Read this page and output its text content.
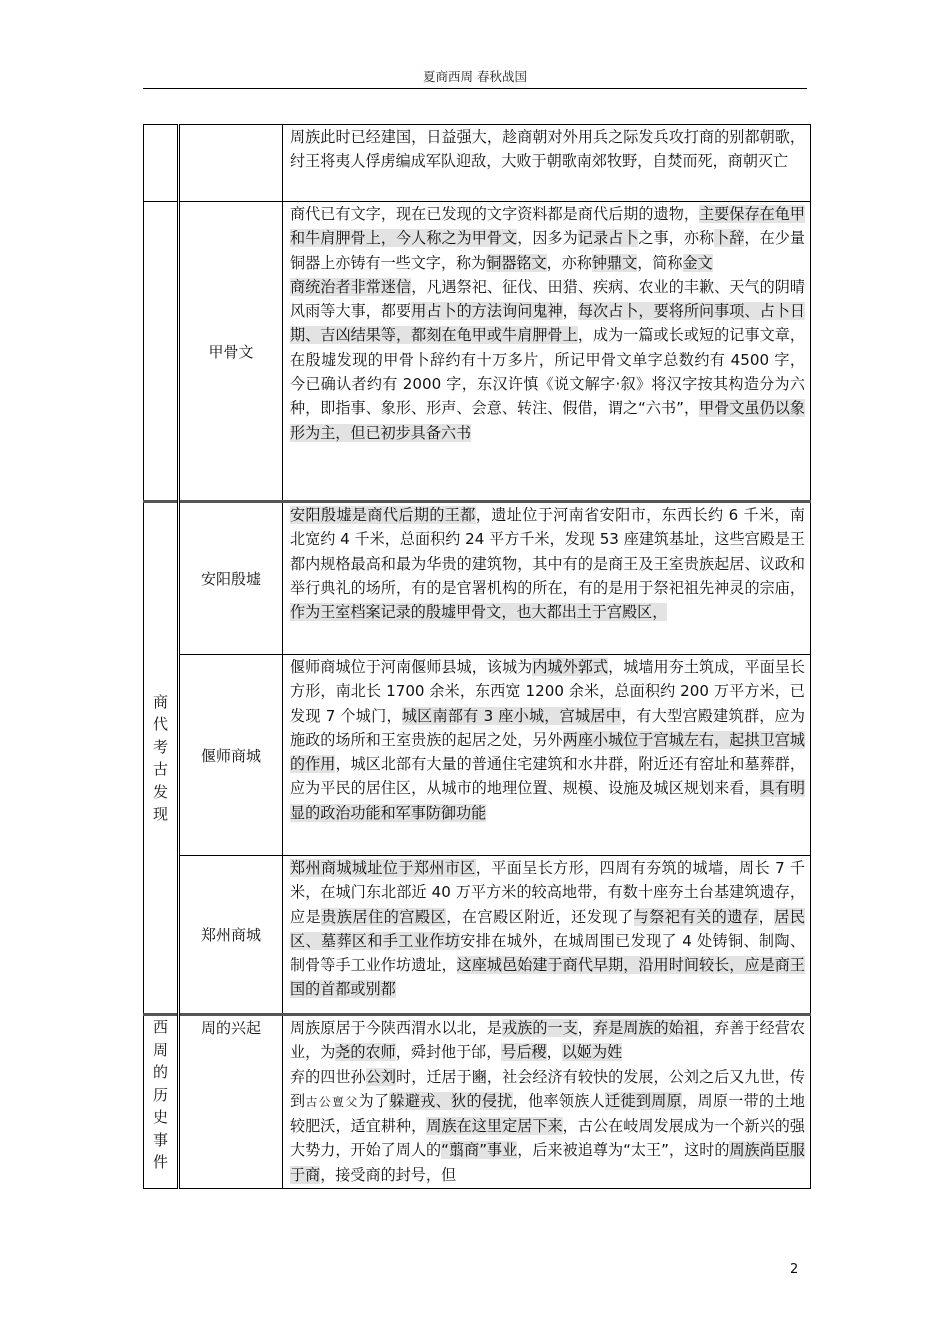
夏商西周 春秋战国

		周族此时已经建国，日益强大，趁商朝对外用兵之际发兵攻打商的别都朝歌，纣王将夷人俘虏编成军队迎敌，大败于朝歌南郊牧野，自焚而死，商朝灭亡

	甲骨文	商代已有文字，现在已发现的文字资料都是商代后期的遗物，主要保存在龟甲和牛肩胛骨上，今人称之为甲骨文，因多为记录占卜之事，亦称卜辞，在少量铜器上亦铸有一些文字，称为铜器铭文，亦称钟鼎文，简称金文

商统治者非常迷信，凡遇祭祀、征伐、田猎、疾病、农业的丰歉、天气的阴晴风雨等大事，都要用占卜的方法询问鬼神，每次占卜，要将所问事项、占卜日期、吉凶结果等，都刻在龟甲或牛肩胛骨上，成为一篇或长或短的记事文章，在殷墟发现的甲骨卜辞约有十万多片，所记甲骨文单字总数约有 4500 字，今已确认者约有 2000 字，东汉许慎《说文解字·叙》将汉字按其构造分为六种，即指事、象形、形声、会意、转注、假借，谓之“六书”，甲骨文虽仍以象形为主，但已初步具备六书

商代考古发现	安阳殷墟	安阳殷墟是商代后期的王都，遗址位于河南省安阳市，东西长约 6 千米，南北宽约 4 千米，总面积约 24 平方千米，发现 53 座建筑基址，这些宫殿是王都内规格最高和最为华贵的建筑物，其中有的是商王及王室贵族起居、议政和举行典礼的场所，有的是官署机构的所在，有的是用于祭祀祖先神灵的宗庙，作为王室档案记录的殷墟甲骨文，也大都出土于宫殿区，

	偃师商城	偃师商城位于河南偃师县城，该城为内城外郭式，城墙用夯土筑成，平面呈长方形，南北长 1700 余米，东西宽 1200 余米，总面积约 200 万平方米，已发现 7 个城门，城区南部有 3 座小城，宫城居中，有大型宫殿建筑群，应为施政的场所和王室贵族的起居之处，另外两座小城位于宫城左右，起拱卫宫城的作用，城区北部有大量的普通住宅建筑和水井群，附近还有窑址和墓葬群，应为平民的居住区，从城市的地理位置、规模、设施及城区规划来看，具有明显的政治功能和军事防御功能

	郑州商城	郑州商城城址位于郑州市区，平面呈长方形，四周有夯筑的城墙，周长 7 千米，在城门东北部近 40 万平方米的较高地带，有数十座夯土台基建筑遗存，应是贵族居住的宫殿区，在宫殿区附近，还发现了与祭祀有关的遗存，居民区、墓葬区和手工业作坊安排在城外，在城周围已发现了 4 处铸铜、制陶、制骨等手工业作坊遗址，这座城邑始建于商代早期，沿用时间较长，应是商王国的首都或别都

西周的历史事件	周的兴起	周族原居于今陕西渭水以北，是戎族的一支，弃是周族的始祖，弃善于经营农业，为尧的农师，舜封他于邰，号后稷，以姬为姓

弃的四世孙公刘时，迁居于豳，社会经济有较快的发展，公刘之后又九世，传到古公亶父为了躲避戎、狄的侵扰，他率领族人迁徙到周原，周原一带的土地较肥沃，适宜耕种，周族在这里定居下来，古公在岐周发展成为一个新兴的强大势力，开始了周人的“翦商”事业，后来被追尊为“太王”，这时的周族尚臣服于商，接受商的封号，但

2
